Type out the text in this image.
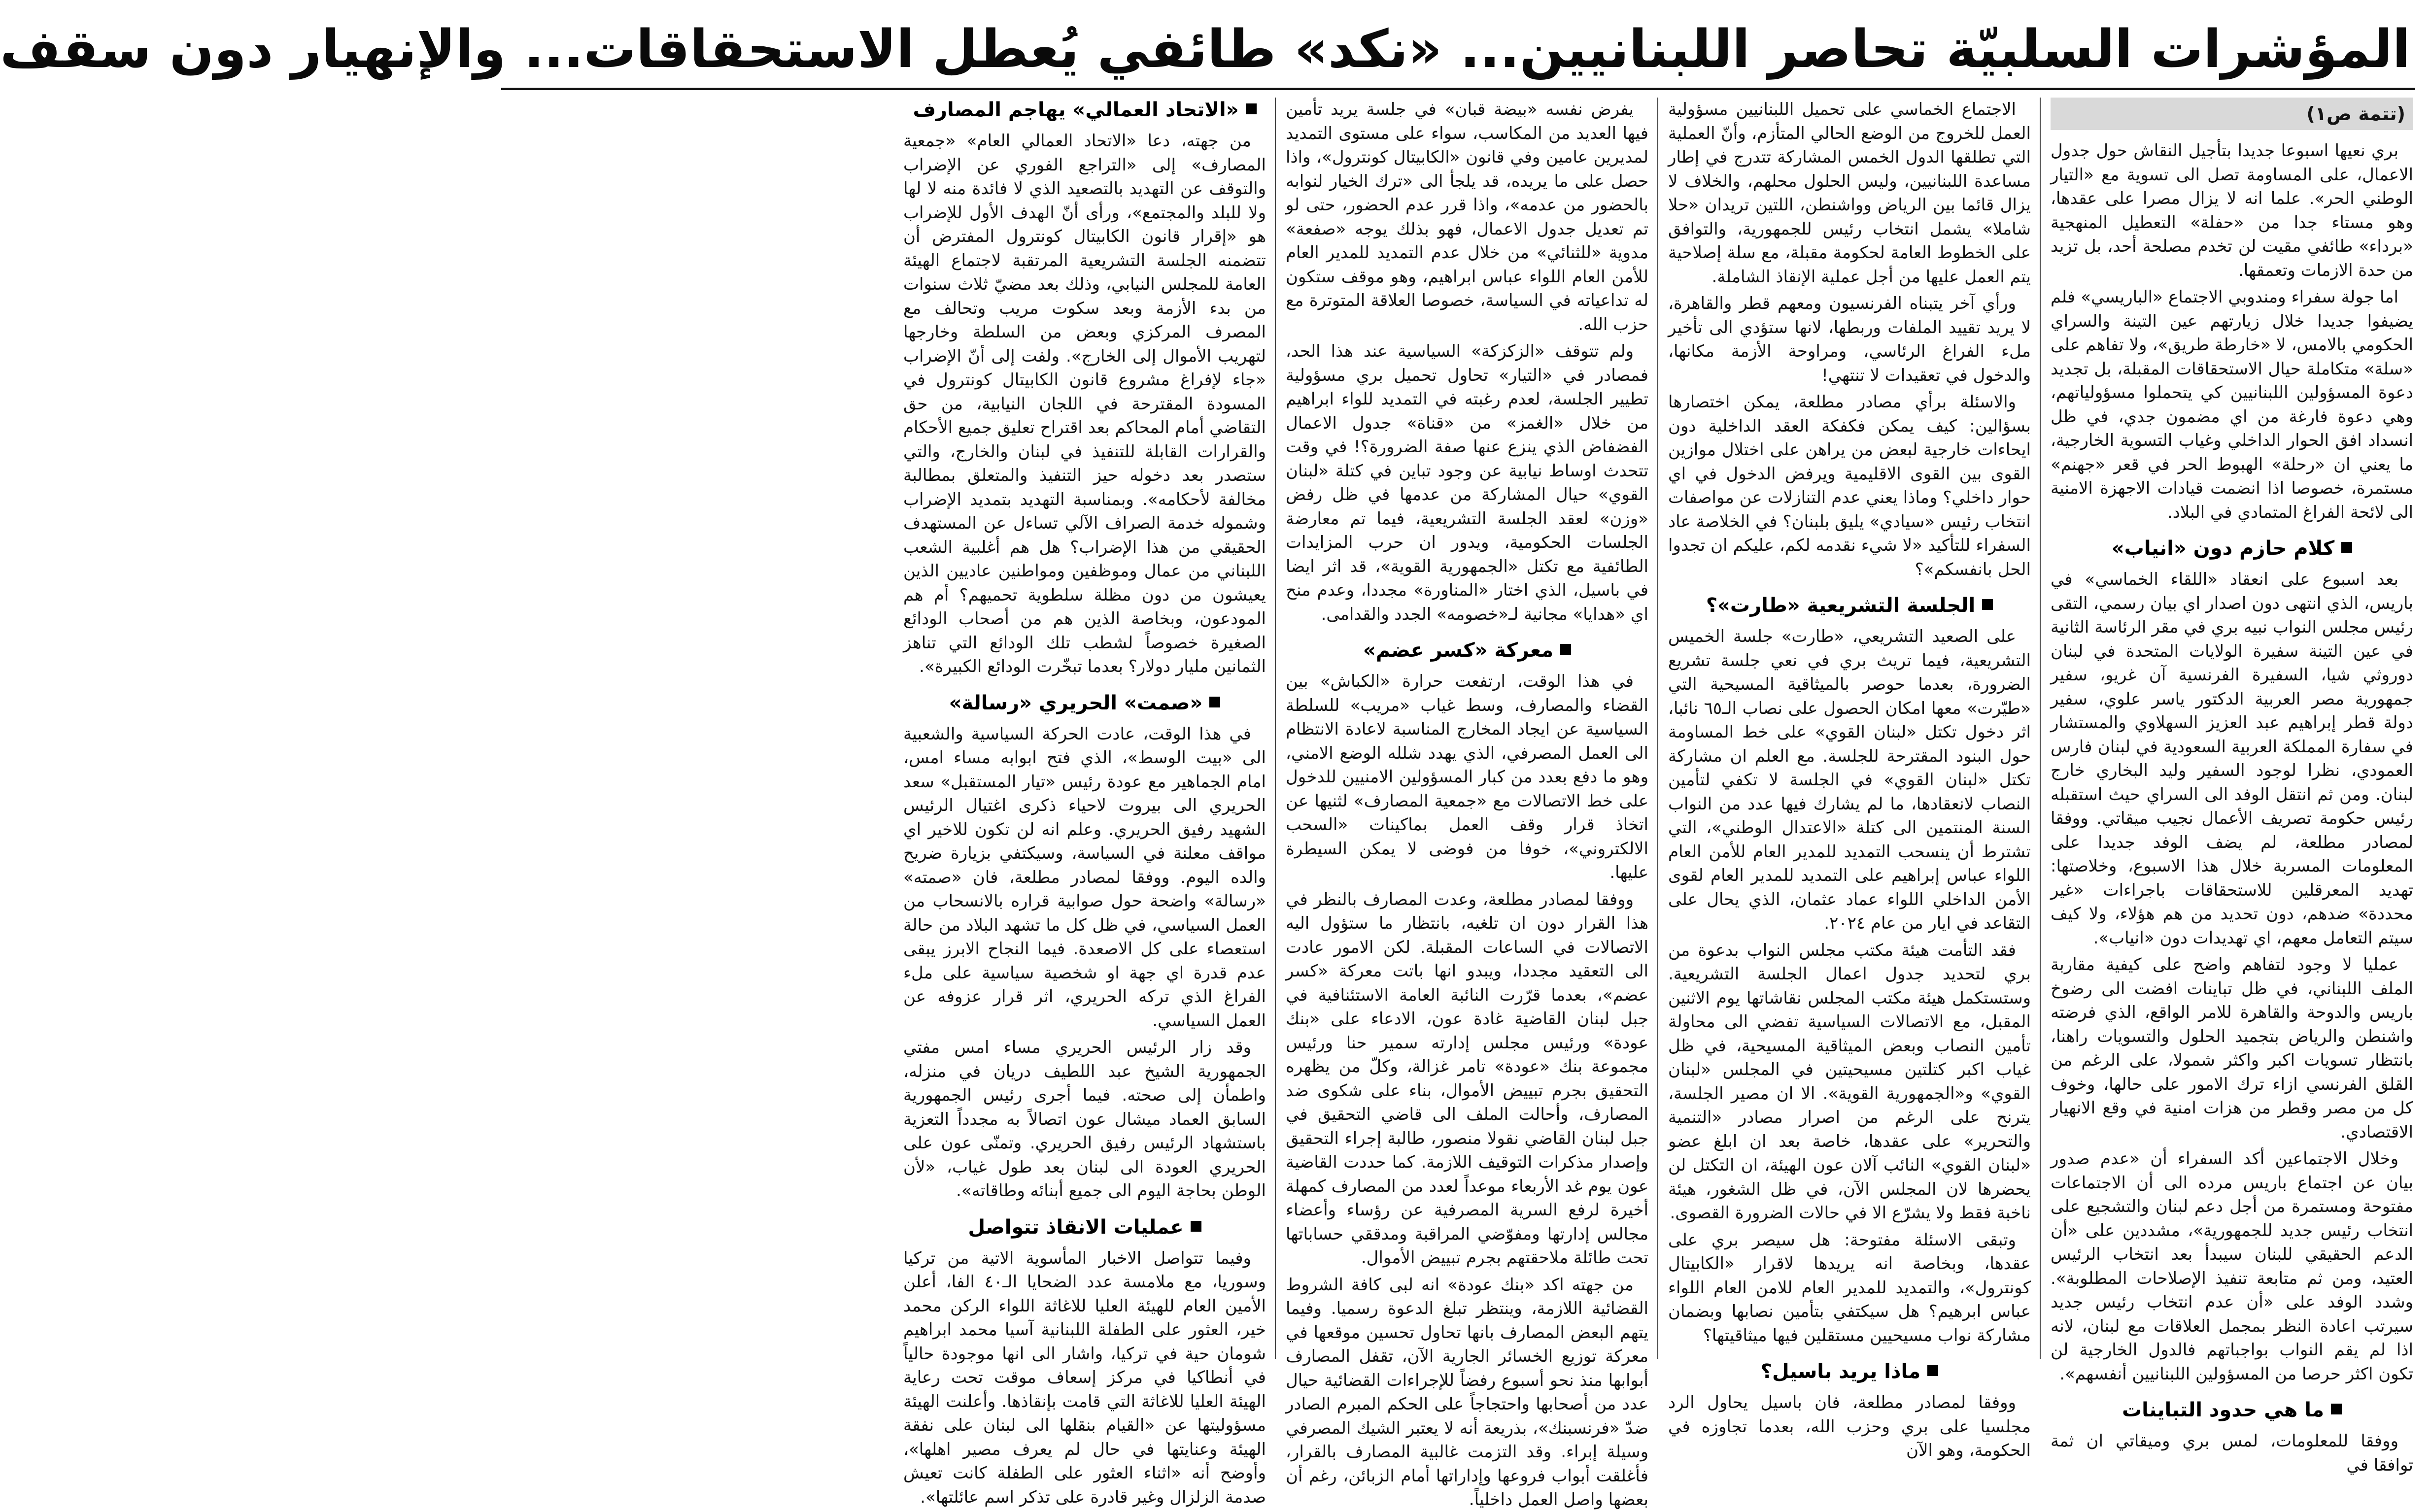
المؤشرات السلبيّة تحاصر اللبنانيين... «نكد» طائفي يُعطل الاستحقاقات... والإنهيار دون سقف
(تتمة ص١)

بري نعيها اسبوعا جديدا بتأجيل النقاش حول جدول الاعمال، على المساومة تصل الى تسوية مع «التيار الوطني الحر». علما انه لا يزال مصرا على عقدها، وهو مستاء جدا من «حفلة» التعطيل المنهجية «برداء» طائفي مقيت لن تخدم مصلحة أحد، بل تزيد من حدة الازمات وتعمقها.

اما جولة سفراء ومندوبي الاجتماع «الباريسي» فلم يضيفوا جديدا خلال زيارتهم عين التينة والسراي الحكومي بالامس، لا «خارطة طريق»، ولا تفاهم على «سلة» متكاملة حيال الاستحقاقات المقبلة، بل تجديد دعوة المسؤولين اللبنانيين كي يتحملوا مسؤولياتهم، وهي دعوة فارغة من اي مضمون جدي، في ظل انسداد افق الحوار الداخلي وغياب التسوية الخارجية، ما يعني ان «رحلة» الهبوط الحر في قعر «جهنم» مستمرة، خصوصا اذا انضمت قيادات الاجهزة الامنية الى لائحة الفراغ المتمادي في البلاد.

كلام حازم دون «انياب»

بعد اسبوع على انعقاد «اللقاء الخماسي» في باريس، الذي انتهى دون اصدار اي بيان رسمي، التقى رئيس مجلس النواب نبيه بري في مقر الرئاسة الثانية في عين التينة سفيرة الولايات المتحدة في لبنان دوروثي شيا، السفيرة الفرنسية آن غريو، سفير جمهورية مصر العربية الدكتور ياسر علوي، سفير دولة قطر إبراهيم عبد العزيز السهلاوي والمستشار في سفارة المملكة العربية السعودية في لبنان فارس العمودي، نظرا لوجود السفير وليد البخاري خارج لبنان. ومن ثم انتقل الوفد الى السراي حيث استقبله رئيس حكومة تصريف الأعمال نجيب ميقاتي. ووفقا لمصادر مطلعة، لم يضف الوفد جديدا على المعلومات المسربة خلال هذا الاسبوع، وخلاصتها: تهديد المعرقلين للاستحقاقات باجراءات «غير محددة» ضدهم، دون تحديد من هم هؤلاء، ولا كيف سيتم التعامل معهم، اي تهديدات دون «انياب».

عمليا لا وجود لتفاهم واضح على كيفية مقاربة الملف اللبناني، في ظل تباينات افضت الى رضوخ باريس والدوحة والقاهرة للامر الواقع، الذي فرضته واشنطن والرياض بتجميد الحلول والتسويات راهنا، بانتظار تسويات اكبر واكثر شمولا، على الرغم من القلق الفرنسي ازاء ترك الامور على حالها، وخوف كل من مصر وقطر من هزات امنية في وقع الانهيار الاقتصادي.

وخلال الاجتماعين أكد السفراء أن «عدم صدور بيان عن اجتماع باريس مرده الى أن الاجتماعات مفتوحة ومستمرة من أجل دعم لبنان والتشجيع على انتخاب رئيس جديد للجمهورية»، مشددين على «أن الدعم الحقيقي للبنان سيبدأ بعد انتخاب الرئيس العتيد، ومن ثم متابعة تنفيذ الإصلاحات المطلوبة». وشدد الوفد على «أن عدم انتخاب رئيس جديد سيرتب اعادة النظر بمجمل العلاقات مع لبنان، لانه اذا لم يقم النواب بواجباتهم فالدول الخارجية لن تكون اكثر حرصا من المسؤولين اللبنانيين أنفسهم».

ما هي حدود التباينات

ووفقا للمعلومات، لمس بري وميقاتي ان ثمة توافقا في

الاجتماع الخماسي على تحميل اللبنانيين مسؤولية العمل للخروج من الوضع الحالي المتأزم، وأنّ العملية التي تطلقها الدول الخمس المشاركة تتدرج في إطار مساعدة اللبنانيين، وليس الحلول محلهم، والخلاف لا يزال قائما بين الرياض وواشنطن، اللتين تريدان «حلا شاملا» يشمل انتخاب رئيس للجمهورية، والتوافق على الخطوط العامة لحكومة مقبلة، مع سلة إصلاحية يتم العمل عليها من أجل عملية الإنقاذ الشاملة.

ورأي آخر يتبناه الفرنسيون ومعهم قطر والقاهرة، لا يريد تقييد الملفات وربطها، لانها ستؤدي الى تأخير ملء الفراغ الرئاسي، ومراوحة الأزمة مكانها، والدخول في تعقيدات لا تنتهي!

والاسئلة برأي مصادر مطلعة، يمكن اختصارها بسؤالين: كيف يمكن فكفكة العقد الداخلية دون ايحاءات خارجية لبعض من يراهن على اختلال موازين القوى بين القوى الاقليمية ويرفض الدخول في اي حوار داخلي؟ وماذا يعني عدم التنازلات عن مواصفات انتخاب رئيس «سيادي» يليق بلبنان؟ في الخلاصة عاد السفراء للتأكيد «لا شيء نقدمه لكم، عليكم ان تجدوا الحل بانفسكم»؟

الجلسة التشريعية «طارت»؟

على الصعيد التشريعي، «طارت» جلسة الخميس التشريعية، فيما تريث بري في نعي جلسة تشريع الضرورة، بعدما حوصر بالميثاقية المسيحية التي «طيّرت» معها امكان الحصول على نصاب الـ٦٥ نائبا، اثر دخول تكتل «لبنان القوي» على خط المساومة حول البنود المقترحة للجلسة. مع العلم ان مشاركة تكتل «لبنان القوي» في الجلسة لا تكفي لتأمين النصاب لانعقادها، ما لم يشارك فيها عدد من النواب السنة المنتمين الى كتلة «الاعتدال الوطني»، التي تشترط أن ينسحب التمديد للمدير العام للأمن العام اللواء عباس إبراهيم على التمديد للمدير العام لقوى الأمن الداخلي اللواء عماد عثمان، الذي يحال على التقاعد في ايار من عام ٢٠٢٤.

فقد التأمت هيئة مكتب مجلس النواب بدعوة من بري لتحديد جدول اعمال الجلسة التشريعية. وستستكمل هيئة مكتب المجلس نقاشاتها يوم الاثنين المقبل، مع الاتصالات السياسية تفضي الى محاولة تأمين النصاب وبعض الميثاقية المسيحية، في ظل غياب اكبر كتلتين مسيحيتين في المجلس «لبنان القوي» و«الجمهورية القوية». الا ان مصير الجلسة، يترنح على الرغم من اصرار مصادر «التنمية والتحرير» على عقدها، خاصة بعد ان ابلغ عضو «لبنان القوي» النائب آلان عون الهيئة، ان التكتل لن يحضرها لان المجلس الآن، في ظل الشغور، هيئة ناخبة فقط ولا يشرّع الا في حالات الضرورة القصوى.

وتبقى الاسئلة مفتوحة: هل سيصر بري على عقدها، وبخاصة انه يريدها لاقرار «الكابيتال كونترول»، والتمديد للمدير العام للامن العام اللواء عباس ابرهيم؟ هل سيكتفي بتأمين نصابها وبضمان مشاركة نواب مسيحيين مستقلين فيها ميثاقيتها؟

ماذا يريد باسيل؟

ووفقا لمصادر مطلعة، فان باسيل يحاول الرد مجلسيا على بري وحزب الله، بعدما تجاوزه في الحكومة، وهو الآن

يفرض نفسه «بيضة قبان» في جلسة يريد تأمين فيها العديد من المكاسب، سواء على مستوى التمديد لمديرين عامين وفي قانون «الكابيتال كونترول»، واذا حصل على ما يريده، قد يلجأ الى «ترك الخيار لنوابه بالحضور من عدمه»، واذا قرر عدم الحضور، حتى لو تم تعديل جدول الاعمال، فهو بذلك يوجه «صفعة» مدوية «للثنائي» من خلال عدم التمديد للمدير العام للأمن العام اللواء عباس ابراهيم، وهو موقف ستكون له تداعياته في السياسة، خصوصا العلاقة المتوترة مع حزب الله.

ولم تتوقف «الزكزكة» السياسية عند هذا الحد، فمصادر في «التيار» تحاول تحميل بري مسؤولية تطيير الجلسة، لعدم رغبته في التمديد للواء ابراهيم من خلال «الغمز» من «قناة» جدول الاعمال الفضفاض الذي ينزع عنها صفة الضرورة؟! في وقت تتحدث اوساط نيابية عن وجود تباين في كتلة «لبنان القوي» حيال المشاركة من عدمها في ظل رفض «وزن» لعقد الجلسة التشريعية، فيما تم معارضة الجلسات الحكومية، ويدور ان حرب المزايدات الطائفية مع تكتل «الجمهورية القوية»، قد اثر ايضا في باسيل، الذي اختار «المناورة» مجددا، وعدم منح اي «هدايا» مجانية لـ«خصومه» الجدد والقدامى.

معركة «كسر عضم»

في هذا الوقت، ارتفعت حرارة «الكباش» بين القضاء والمصارف، وسط غياب «مريب» للسلطة السياسية عن ايجاد المخارج المناسبة لاعادة الانتظام الى العمل المصرفي، الذي يهدد شلله الوضع الامني، وهو ما دفع بعدد من كبار المسؤولين الامنيين للدخول على خط الاتصالات مع «جمعية المصارف» لثنيها عن اتخاذ قرار وقف العمل بماكينات «السحب الالكتروني»، خوفا من فوضى لا يمكن السيطرة عليها.

ووفقا لمصادر مطلعة، وعدت المصارف بالنظر في هذا القرار دون ان تلغيه، بانتظار ما ستؤول اليه الاتصالات في الساعات المقبلة. لكن الامور عادت الى التعقيد مجددا، ويبدو انها باتت معركة «كسر عضم»، بعدما قرّرت النائبة العامة الاستئنافية في جبل لبنان القاضية غادة عون، الادعاء على «بنك عودة» ورئيس مجلس إدارته سمير حنا ورئيس مجموعة بنك «عودة» تامر غزالة، وكلّ من يظهره التحقيق بجرم تبييض الأموال، بناء على شكوى ضد المصارف، وأحالت الملف الى قاضي التحقيق في جبل لبنان القاضي نقولا منصور، طالبة إجراء التحقيق وإصدار مذكرات التوقيف اللازمة. كما حددت القاضية عون يوم غد الأربعاء موعداً لعدد من المصارف كمهلة أخيرة لرفع السرية المصرفية عن رؤساء وأعضاء مجالس إدارتها ومفوّضي المراقبة ومدققي حساباتها تحت طائلة ملاحقتهم بجرم تبييض الأموال.

من جهته اكد «بنك عودة» انه لبى كافة الشروط القضائية اللازمة، وينتظر تبلغ الدعوة رسميا. وفيما يتهم البعض المصارف بانها تحاول تحسين موقعها في معركة توزيع الخسائر الجارية الآن، تقفل المصارف أبوابها منذ نحو أسبوع رفضاً للإجراءات القضائية حيال عدد من أصحابها واحتجاجاً على الحكم المبرم الصادر ضدّ «فرنسبنك»، بذريعة أنه لا يعتبر الشيك المصرفي وسيلة إبراء. وقد التزمت غالبية المصارف بالقرار، فأغلقت أبواب فروعها وإداراتها أمام الزبائن، رغم أن بعضها واصل العمل داخلياً.

«الاتحاد العمالي» يهاجم المصارف

من جهته، دعا «الاتحاد العمالي العام» «جمعية المصارف» إلى «التراجع الفوري عن الإضراب والتوقف عن التهديد بالتصعيد الذي لا فائدة منه لا لها ولا للبلد والمجتمع»، ورأى أنّ الهدف الأول للإضراب هو «إقرار قانون الكابيتال كونترول المفترض أن تتضمنه الجلسة التشريعية المرتقبة لاجتماع الهيئة العامة للمجلس النيابي، وذلك بعد مضيّ ثلاث سنوات من بدء الأزمة وبعد سكوت مريب وتحالف مع المصرف المركزي وبعض من السلطة وخارجها لتهريب الأموال إلى الخارج». ولفت إلى أنّ الإضراب «جاء لإفراغ مشروع قانون الكابيتال كونترول في المسودة المقترحة في اللجان النيابية، من حق التقاضي أمام المحاكم بعد اقتراح تعليق جميع الأحكام والقرارات القابلة للتنفيذ في لبنان والخارج، والتي ستصدر بعد دخوله حيز التنفيذ والمتعلق بمطالبة مخالفة لأحكامه». وبمناسبة التهديد بتمديد الإضراب وشموله خدمة الصراف الآلي تساءل عن المستهدف الحقيقي من هذا الإضراب؟ هل هم أغلبية الشعب اللبناني من عمال وموظفين ومواطنين عاديين الذين يعيشون من دون مظلة سلطوية تحميهم؟ أم هم المودعون، وبخاصة الذين هم من أصحاب الودائع الصغيرة خصوصاً لشطب تلك الودائع التي تناهز الثمانين مليار دولار؟ بعدما تبخّرت الودائع الكبيرة».

«صمت» الحريري «رسالة»

في هذا الوقت، عادت الحركة السياسية والشعبية الى «بيت الوسط»، الذي فتح ابوابه مساء امس، امام الجماهير مع عودة رئيس «تيار المستقبل» سعد الحريري الى بيروت لاحياء ذكرى اغتيال الرئيس الشهيد رفيق الحريري. وعلم انه لن تكون للاخير اي مواقف معلنة في السياسة، وسيكتفي بزيارة ضريح والده اليوم. ووفقا لمصادر مطلعة، فان «صمته» «رسالة» واضحة حول صوابية قراره بالانسحاب من العمل السياسي، في ظل كل ما تشهد البلاد من حالة استعصاء على كل الاصعدة. فيما النجاح الابرز يبقى عدم قدرة اي جهة او شخصية سياسية على ملء الفراغ الذي تركه الحريري، اثر قرار عزوفه عن العمل السياسي.

وقد زار الرئيس الحريري مساء امس مفتي الجمهورية الشيخ عبد اللطيف دريان في منزله، واطمأن إلى صحته. فيما أجرى رئيس الجمهورية السابق العماد ميشال عون اتصالاً به مجدداً التعزية باستشهاد الرئيس رفيق الحريري. وتمنّى عون على الحريري العودة الى لبنان بعد طول غياب، «لأن الوطن بحاجة اليوم الى جميع أبنائه وطاقاته».

عمليات الانقاذ تتواصل

وفيما تتواصل الاخبار المأسوية الاتية من تركيا وسوريا، مع ملامسة عدد الضحايا الـ٤٠ الفا، أعلن الأمين العام للهيئة العليا للاغاثة اللواء الركن محمد خير، العثور على الطفلة اللبنانية آسيا محمد ابراهيم شومان حية في تركيا، واشار الى انها موجودة حالياً في أنطاكيا في مركز إسعاف موقت تحت رعاية الهيئة العليا للاغاثة التي قامت بإنقاذها. وأعلنت الهيئة مسؤوليتها عن «القيام بنقلها الى لبنان على نفقة الهيئة وعنايتها في حال لم يعرف مصير اهلها»، وأوضح أنه «اثناء العثور على الطفلة كانت تعيش صدمة الزلزال وغير قادرة على تذكر اسم عائلتها».
